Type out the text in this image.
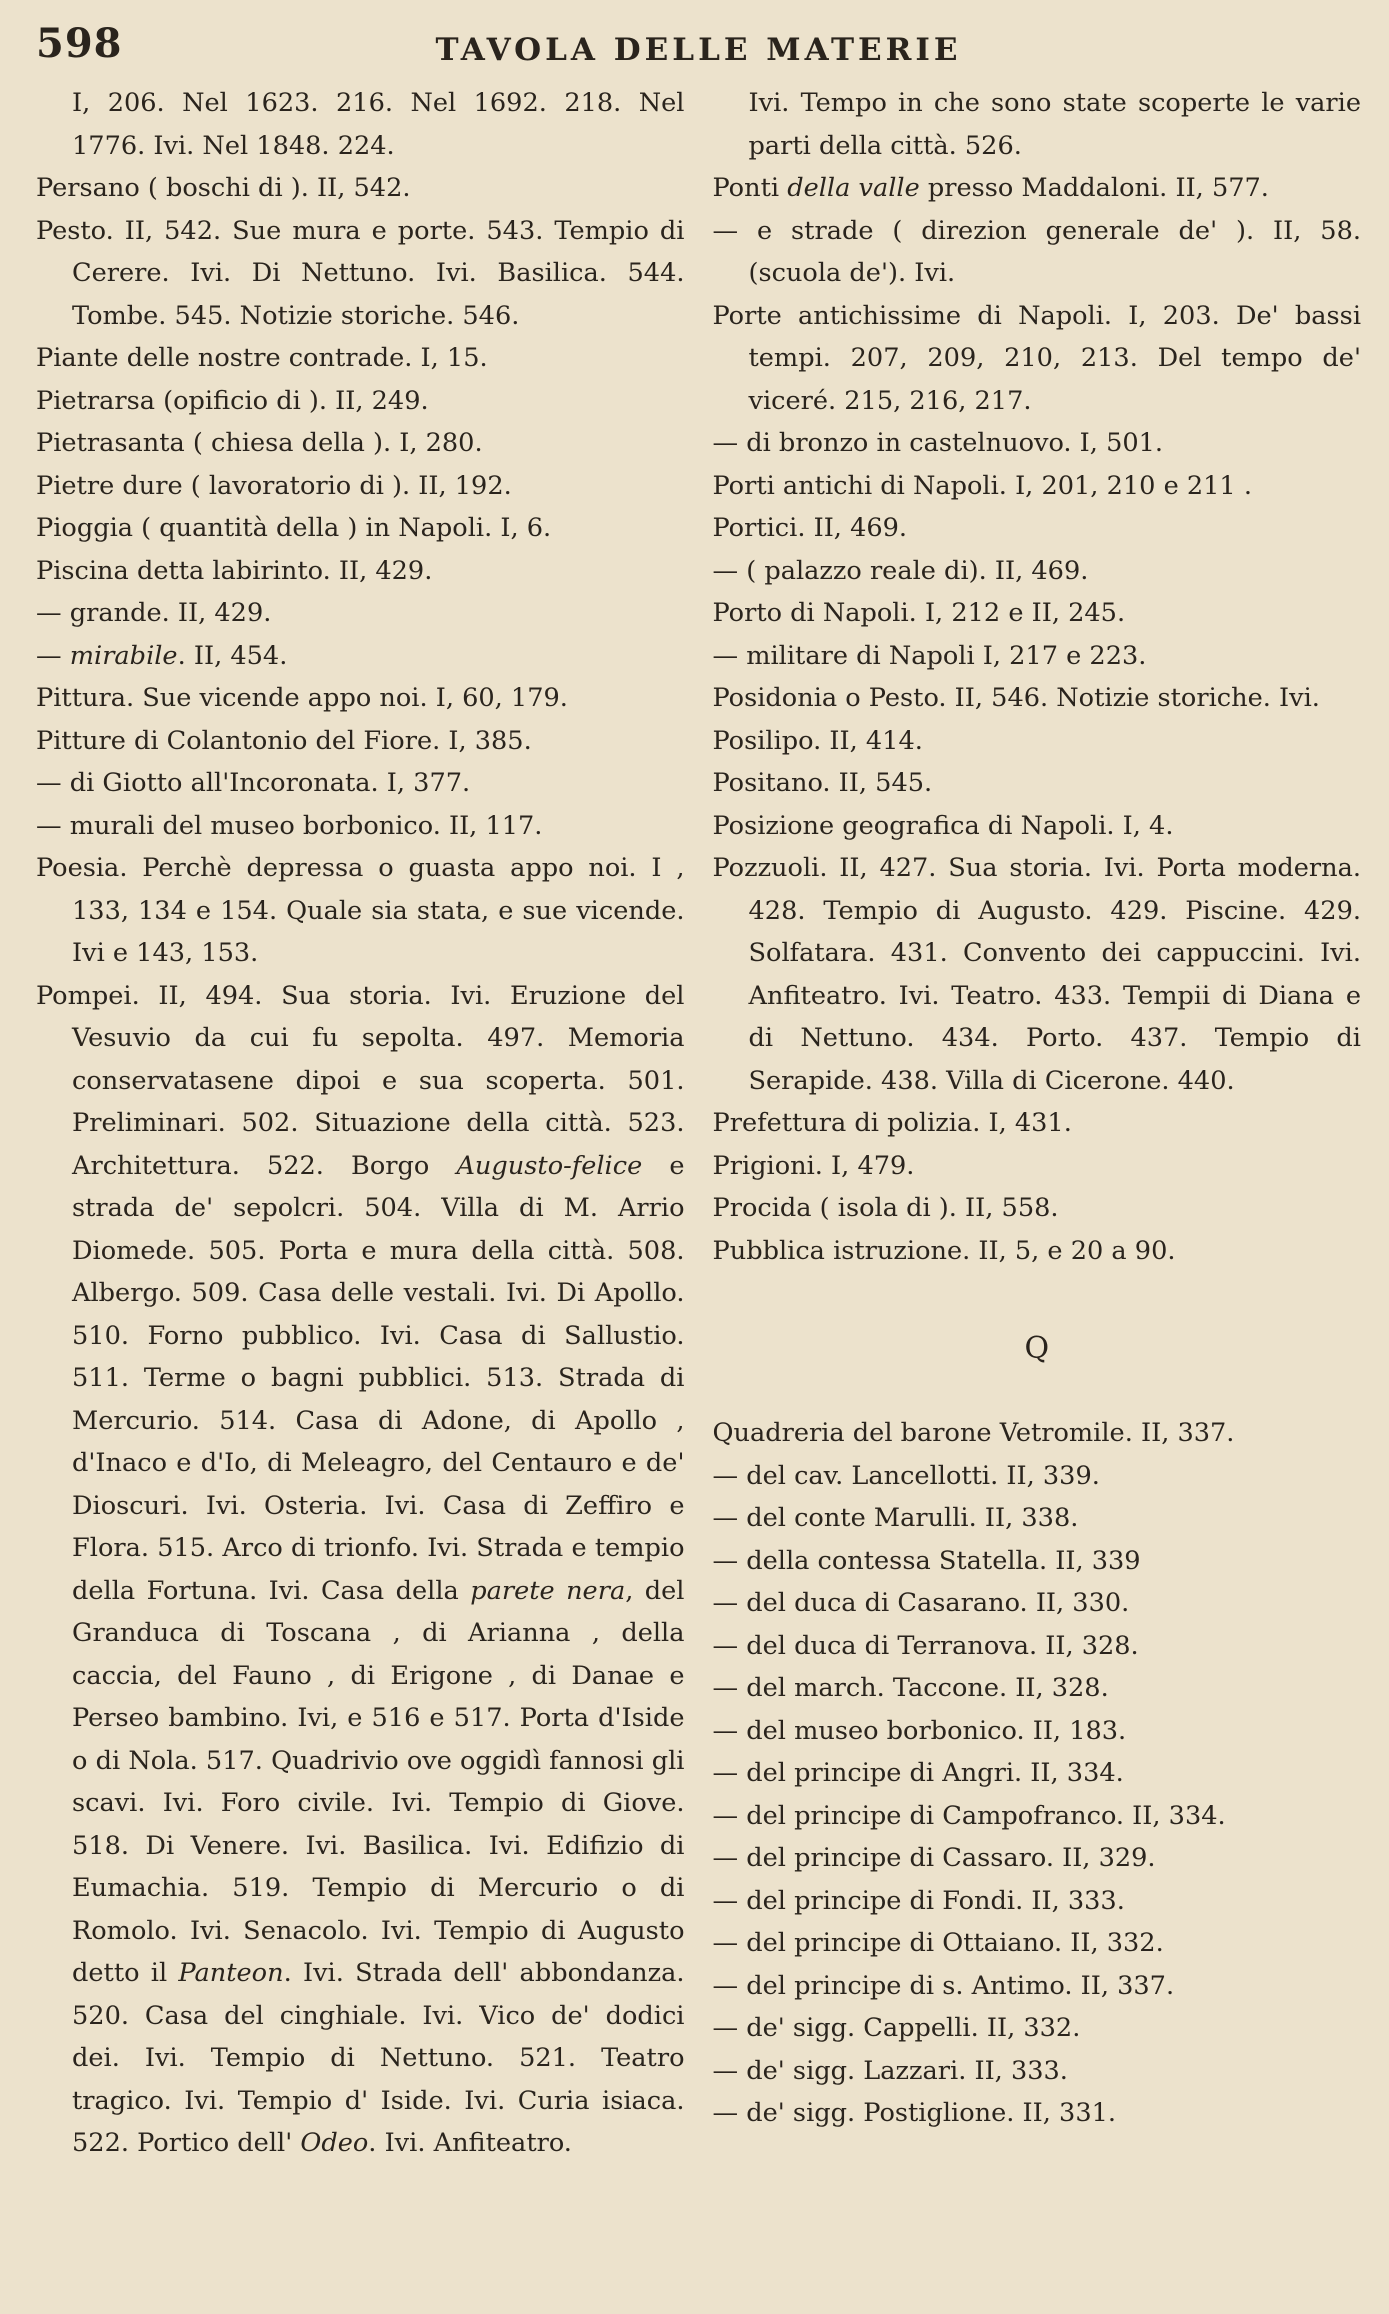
598	TAVOLA DELLE MATERIE
I, 206. Nel 1623. 216. Nel 1692. 218. Nel 1776. Ivi. Nel 1848. 224.
Persano ( boschi di ). II, 542.
Pesto. II, 542. Sue mura e porte. 543. Tempio di Cerere. Ivi. Di Nettuno. Ivi. Basilica. 544. Tombe. 545. Notizie storiche. 546.
Piante delle nostre contrade. I, 15.
Pietrarsa (opificio di ). II, 249.
Pietrasanta ( chiesa della ). I, 280.
Pietre dure ( lavoratorio di ). II, 192.
Pioggia ( quantità della ) in Napoli. I, 6.
Piscina detta labirinto. II, 429.
— grande. II, 429.
— mirabile. II, 454.
Pittura. Sue vicende appo noi. I, 60, 179.
Pitture di Colantonio del Fiore. I, 385.
— di Giotto all'Incoronata. I, 377.
— murali del museo borbonico. II, 117.
Poesia. Perchè depressa o guasta appo noi. I , 133, 134 e 154. Quale sia stata, e sue vicende. Ivi e 143, 153.
Pompei. II, 494. Sua storia. Ivi. Eruzione del Vesuvio da cui fu sepolta. 497. Memoria conservatasene dipoi e sua scoperta. 501. Preliminari. 502. Situazione della città. 523. Architettura. 522. Borgo Augusto-felice e strada de' sepolcri. 504. Villa di M. Arrio Diomede. 505. Porta e mura della città. 508. Albergo. 509. Casa delle vestali. Ivi. Di Apollo. 510. Forno pubblico. Ivi. Casa di Sallustio. 511. Terme o bagni pubblici. 513. Strada di Mercurio. 514. Casa di Adone, di Apollo , d'Inaco e d'Io, di Meleagro, del Centauro e de' Dioscuri. Ivi. Osteria. Ivi. Casa di Zeffiro e Flora. 515. Arco di trionfo. Ivi. Strada e tempio della Fortuna. Ivi. Casa della parete nera, del Granduca di Toscana , di Arianna , della caccia, del Fauno , di Erigone , di Danae e Perseo bambino. Ivi, e 516 e 517. Porta d'Iside o di Nola. 517. Quadrivio ove oggidì fannosi gli scavi. Ivi. Foro civile. Ivi. Tempio di Giove. 518. Di Venere. Ivi. Basilica. Ivi. Edifizio di Eumachia. 519. Tempio di Mercurio o di Romolo. Ivi. Senacolo. Ivi. Tempio di Augusto detto il Panteon. Ivi. Strada dell' abbondanza. 520. Casa del cinghiale. Ivi. Vico de' dodici dei. Ivi. Tempio di Nettuno. 521. Teatro tragico. Ivi. Tempio d' Iside. Ivi. Curia isiaca. 522. Portico dell' Odeo. Ivi. Anfiteatro.
Ivi. Tempo in che sono state scoperte le varie parti della città. 526.
Ponti della valle presso Maddaloni. II, 577.
— e strade ( direzion generale de' ). II, 58. (scuola de'). Ivi.
Porte antichissime di Napoli. I, 203. De' bassi tempi. 207, 209, 210, 213. Del tempo de' viceré. 215, 216, 217.
— di bronzo in castelnuovo. I, 501.
Porti antichi di Napoli. I, 201, 210 e 211 .
Portici. II, 469.
— ( palazzo reale di). II, 469.
Porto di Napoli. I, 212 e II, 245.
— militare di Napoli I, 217 e 223.
Posidonia o Pesto. II, 546. Notizie storiche. Ivi.
Posilipo. II, 414.
Positano. II, 545.
Posizione geografica di Napoli. I, 4.
Pozzuoli. II, 427. Sua storia. Ivi. Porta moderna. 428. Tempio di Augusto. 429. Piscine. 429. Solfatara. 431. Convento dei cappuccini. Ivi. Anfiteatro. Ivi. Teatro. 433. Tempii di Diana e di Nettuno. 434. Porto. 437. Tempio di Serapide. 438. Villa di Cicerone. 440.
Prefettura di polizia. I, 431.
Prigioni. I, 479.
Procida ( isola di ). II, 558.
Pubblica istruzione. II, 5, e 20 a 90.
Q
Quadreria del barone Vetromile. II, 337.
— del cav. Lancellotti. II, 339.
— del conte Marulli. II, 338.
— della contessa Statella. II, 339
— del duca di Casarano. II, 330.
— del duca di Terranova. II, 328.
— del march. Taccone. II, 328.
— del museo borbonico. II, 183.
— del principe di Angri. II, 334.
— del principe di Campofranco. II, 334.
— del principe di Cassaro. II, 329.
— del principe di Fondi. II, 333.
— del principe di Ottaiano. II, 332.
— del principe di s. Antimo. II, 337.
— de' sigg. Cappelli. II, 332.
— de' sigg. Lazzari. II, 333.
— de' sigg. Postiglione. II, 331.
